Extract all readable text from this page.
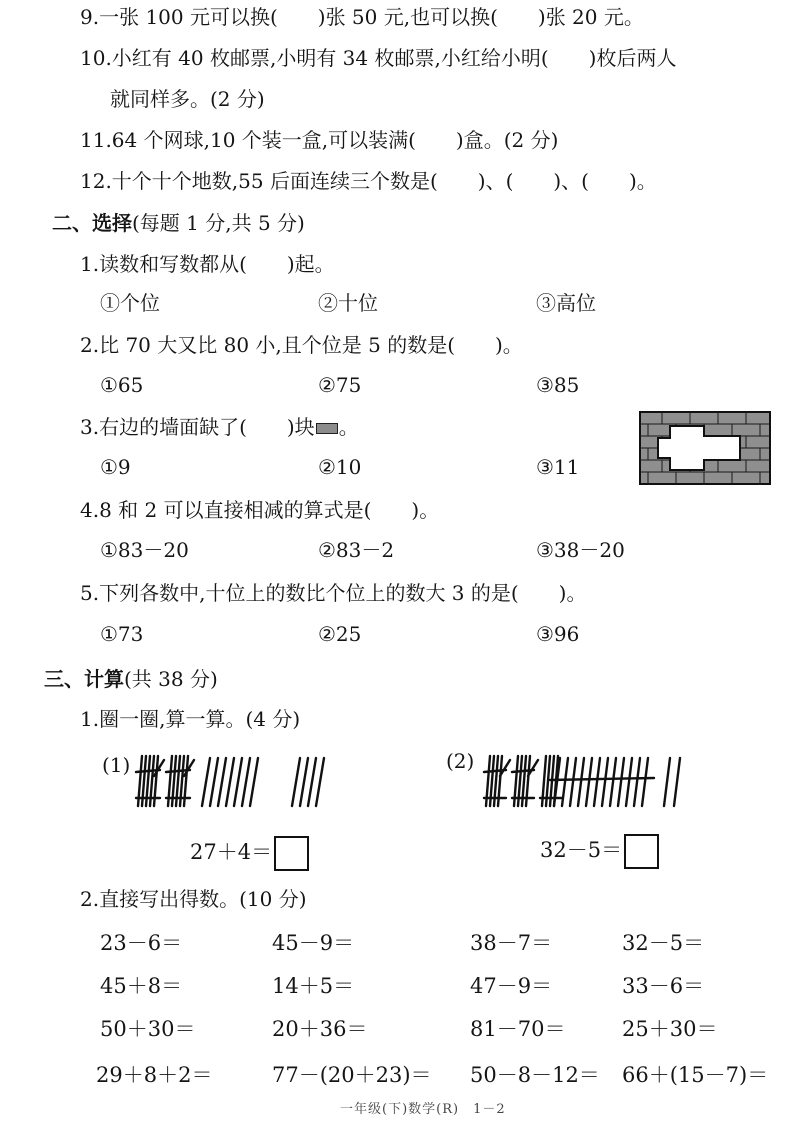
9.一张 100 元可以换(　　)张 50 元,也可以换(　　)张 20 元。
10.小红有 40 枚邮票,小明有 34 枚邮票,小红给小明(　　)枚后两人
就同样多。(2 分)
11.64 个网球,10 个装一盒,可以装满(　　)盒。(2 分)
12.十个十个地数,55 后面连续三个数是(　　)、(　　)、(　　)。
二、选择(每题 1 分,共 5 分)
1.读数和写数都从(　　)起。
①个位	②十位	③高位
2.比 70 大又比 80 小,且个位是 5 的数是(　　)。
①65	②75	③85
3.右边的墙面缺了(　　)块 。
①9	②10	③11
4.8 和 2 可以直接相减的算式是(　　)。
①83－20	②83－2	③38－20
5.下列各数中,十位上的数比个位上的数大 3 的是(　　)。
①73	②25	③96
三、计算(共 38 分)
1.圈一圈,算一算。(4 分)
(1)	(2)
27＋4＝	32－5＝
2.直接写出得数。(10 分)
23－6＝	45－9＝	38－7＝	32－5＝
45＋8＝	14＋5＝	47－9＝	33－6＝
50＋30＝	20＋36＝	81－70＝	25＋30＝
29＋8＋2＝	77－(20＋23)＝ 50－8－12＝ 66＋(15－7)＝
一年级(下)数学(R)　1－2
